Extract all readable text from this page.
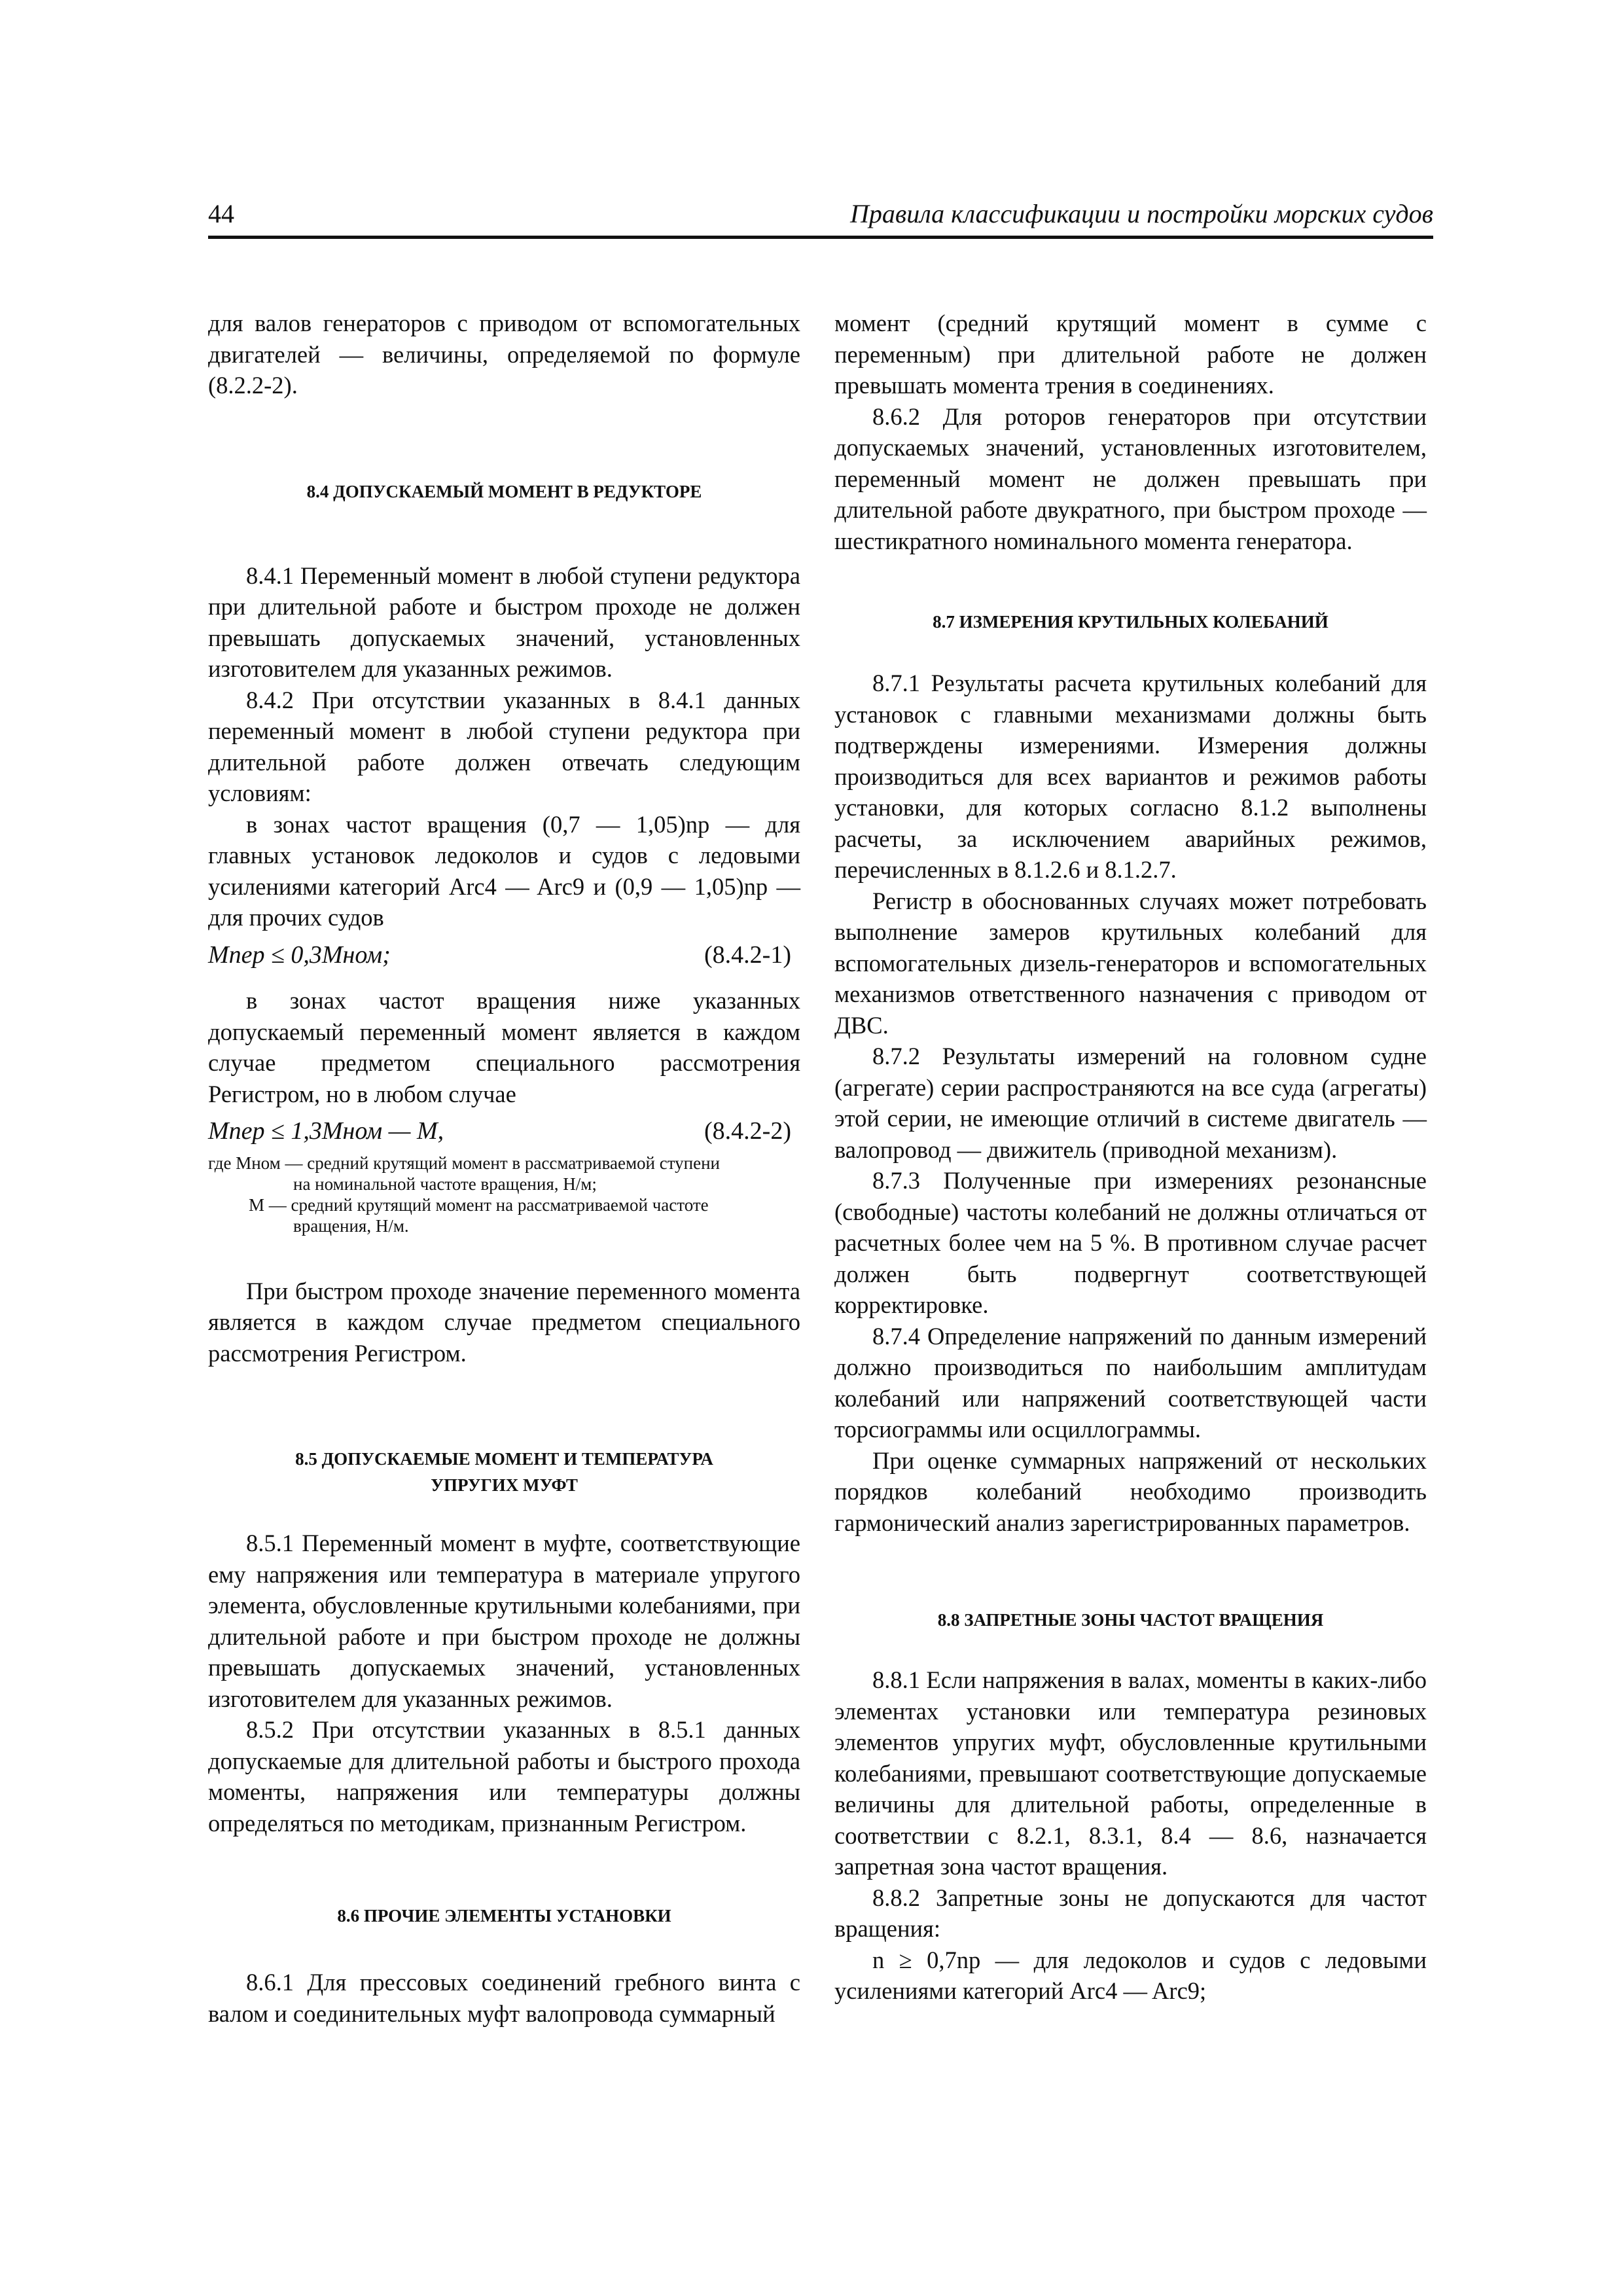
44	Правила классификации и постройки морских судов

для валов генераторов с приводом от вспомогательных двигателей — величины, определяемой по формуле (8.2.2-2).

8.4 ДОПУСКАЕМЫЙ МОМЕНТ В РЕДУКТОРЕ

8.4.1 Переменный момент в любой ступени редуктора при длительной работе и быстром проходе не должен превышать допускаемых значений, установленных изготовителем для указанных режимов.

8.4.2 При отсутствии указанных в 8.4.1 данных переменный момент в любой ступени редуктора при длительной работе должен отвечать следующим условиям:

в зонах частот вращения (0,7 — 1,05)nр — для главных установок ледоколов и судов с ледовыми усилениями категорий Arc4 — Arc9 и (0,9 — 1,05)nр — для прочих судов

Mпер ≤ 0,3Mном;	(8.4.2-1)

в зонах частот вращения ниже указанных допускаемый переменный момент является в каждом случае предметом специального рассмотрения Регистром, но в любом случае

Mпер ≤ 1,3Mном — M,	(8.4.2-2)
где Mном — средний крутящий момент в рассматриваемой ступени
на номинальной частоте вращения, Н/м;
M — средний крутящий момент на рассматриваемой частоте
вращения, Н/м.

При быстром проходе значение переменного момента является в каждом случае предметом специального рассмотрения Регистром.

8.5 ДОПУСКАЕМЫЕ МОМЕНТ И ТЕМПЕРАТУРА

УПРУГИХ МУФТ

8.5.1 Переменный момент в муфте, соответствующие ему напряжения или температура в материале упругого элемента, обусловленные крутильными колебаниями, при длительной работе и при быстром проходе не должны превышать допускаемых значений, установленных изготовителем для указанных режимов.

8.5.2 При отсутствии указанных в 8.5.1 данных допускаемые для длительной работы и быстрого прохода моменты, напряжения или температуры должны определяться по методикам, признанным Регистром.

8.6 ПРОЧИЕ ЭЛЕМЕНТЫ УСТАНОВКИ

8.6.1 Для прессовых соединений гребного винта с валом и соединительных муфт валопровода суммарный

момент (средний крутящий момент в сумме с переменным) при длительной работе не должен превышать момента трения в соединениях.

8.6.2 Для роторов генераторов при отсутствии допускаемых значений, установленных изготовителем, переменный момент не должен превышать при длительной работе двукратного, при быстром проходе — шестикратного номинального момента генератора.

8.7 ИЗМЕРЕНИЯ КРУТИЛЬНЫХ КОЛЕБАНИЙ

8.7.1 Результаты расчета крутильных колебаний для установок с главными механизмами должны быть подтверждены измерениями. Измерения должны производиться для всех вариантов и режимов работы установки, для которых согласно 8.1.2 выполнены расчеты, за исключением аварийных режимов, перечисленных в 8.1.2.6 и 8.1.2.7.

Регистр в обоснованных случаях может потребовать выполнение замеров крутильных колебаний для вспомогательных дизель-генераторов и вспомогательных механизмов ответственного назначения с приводом от ДВС.

8.7.2 Результаты измерений на головном судне (агрегате) серии распространяются на все суда (агрегаты) этой серии, не имеющие отличий в системе двигатель — валопровод — движитель (приводной механизм).

8.7.3 Полученные при измерениях резонансные (свободные) частоты колебаний не должны отличаться от расчетных более чем на 5 %. В противном случае расчет должен быть подвергнут соответствующей корректировке.

8.7.4 Определение напряжений по данным измерений должно производиться по наибольшим амплитудам колебаний или напряжений соответствующей части торсиограммы или осциллограммы.

При оценке суммарных напряжений от нескольких порядков колебаний необходимо производить гармонический анализ зарегистрированных параметров.

8.8 ЗАПРЕТНЫЕ ЗОНЫ ЧАСТОТ ВРАЩЕНИЯ

8.8.1 Если напряжения в валах, моменты в каких-либо элементах установки или температура резиновых элементов упругих муфт, обусловленные крутильными колебаниями, превышают соответствующие допускаемые величины для длительной работы, определенные в соответствии с 8.2.1, 8.3.1, 8.4 — 8.6, назначается запретная зона частот вращения.

8.8.2 Запретные зоны не допускаются для частот вращения:

n ≥ 0,7nр — для ледоколов и судов с ледовыми усилениями категорий Arc4 — Arc9;
